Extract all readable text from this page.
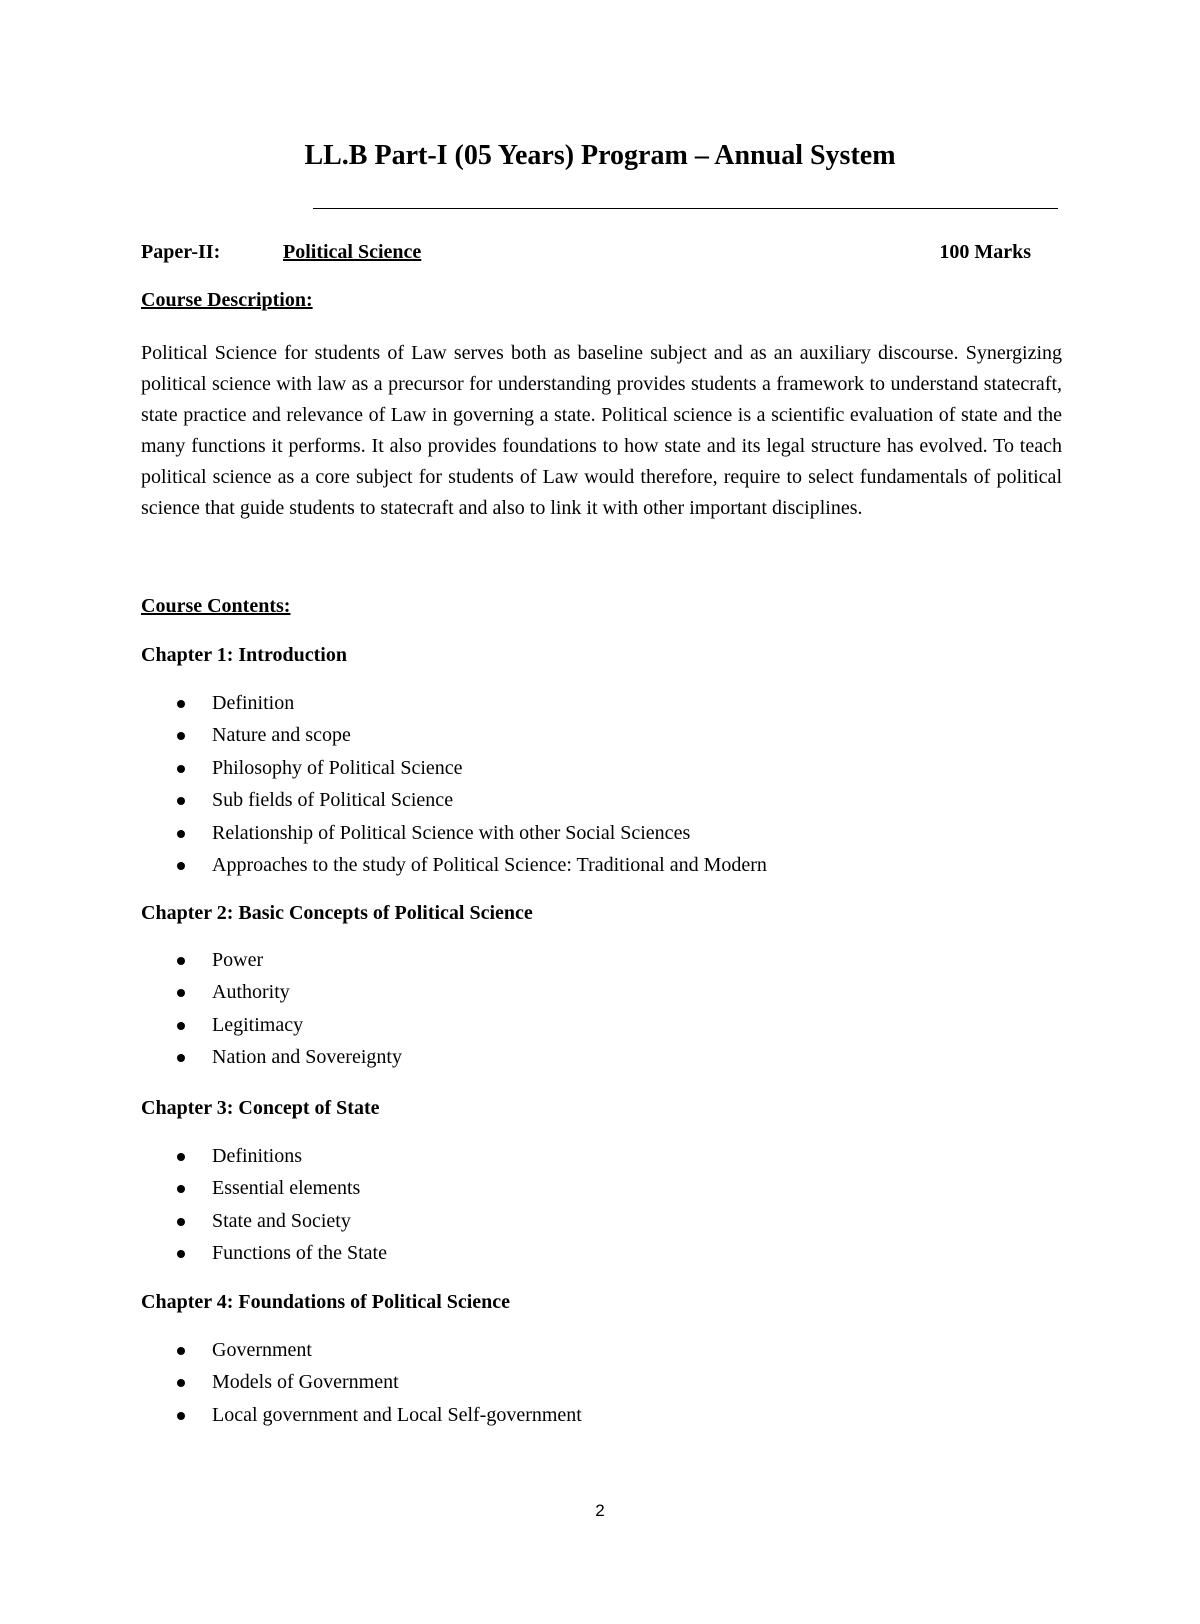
LL.B Part-I (05 Years) Program – Annual System
Paper-II:	Political Science	100 Marks
Course Description:

Political Science for students of Law serves both as baseline subject and as an auxiliary discourse. Synergizing political science with law as a precursor for understanding provides students a framework to understand statecraft, state practice and relevance of Law in governing a state. Political science is a scientific evaluation of state and the many functions it performs. It also provides foundations to how state and its legal structure has evolved. To teach political science as a core subject for students of Law would therefore, require to select fundamentals of political science that guide students to statecraft and also to link it with other important disciplines.

Course Contents:
Chapter 1: Introduction
Definition
Nature and scope
Philosophy of Political Science
Sub fields of Political Science
Relationship of Political Science with other Social Sciences
Approaches to the study of Political Science: Traditional and Modern
Chapter 2: Basic Concepts of Political Science
Power
Authority
Legitimacy
Nation and Sovereignty
Chapter 3: Concept of State
Definitions
Essential elements
State and Society
Functions of the State
Chapter 4: Foundations of Political Science
Government
Models of Government
Local government and Local Self-government
2
